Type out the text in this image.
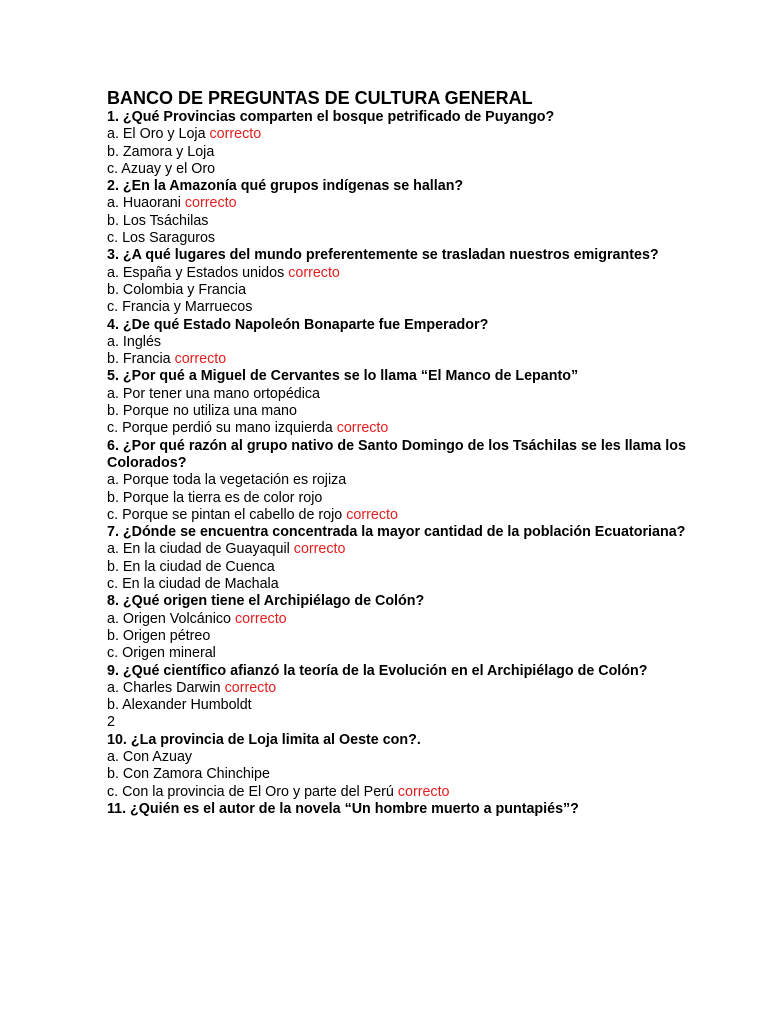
BANCO DE PREGUNTAS DE CULTURA GENERAL

1. ¿Qué Provincias comparten el bosque petrificado de Puyango?

a. El Oro y Loja correcto

b. Zamora y Loja

c. Azuay y el Oro

2. ¿En la Amazonía qué grupos indígenas se hallan?

a. Huaorani correcto

b. Los Tsáchilas

c. Los Saraguros

3. ¿A qué lugares del mundo preferentemente se trasladan nuestros emigrantes?

a. España y Estados unidos correcto

b. Colombia y Francia

c. Francia y Marruecos

4. ¿De qué Estado Napoleón Bonaparte fue Emperador?

a. Inglés

b. Francia correcto

5. ¿Por qué a Miguel de Cervantes se lo llama “El Manco de Lepanto”

a. Por tener una mano ortopédica

b. Porque no utiliza una mano

c. Porque perdió su mano izquierda correcto

6. ¿Por qué razón al grupo nativo de Santo Domingo de los Tsáchilas se les llama los Colorados?

a. Porque toda la vegetación es rojiza

b. Porque la tierra es de color rojo

c. Porque se pintan el cabello de rojo correcto

7. ¿Dónde se encuentra concentrada la mayor cantidad de la población Ecuatoriana?

a. En la ciudad de Guayaquil correcto

b. En la ciudad de Cuenca

c. En la ciudad de Machala

8. ¿Qué origen tiene el Archipiélago de Colón?

a. Origen Volcánico correcto

b. Origen pétreo

c. Origen mineral

9. ¿Qué científico afianzó la teoría de la Evolución en el Archipiélago de Colón?

a. Charles Darwin correcto

b. Alexander Humboldt

2

10. ¿La provincia de Loja limita al Oeste con?.

a. Con Azuay

b. Con Zamora Chinchipe

c. Con la provincia de El Oro y parte del Perú correcto

11. ¿Quién es el autor de la novela “Un hombre muerto a puntapiés”?
